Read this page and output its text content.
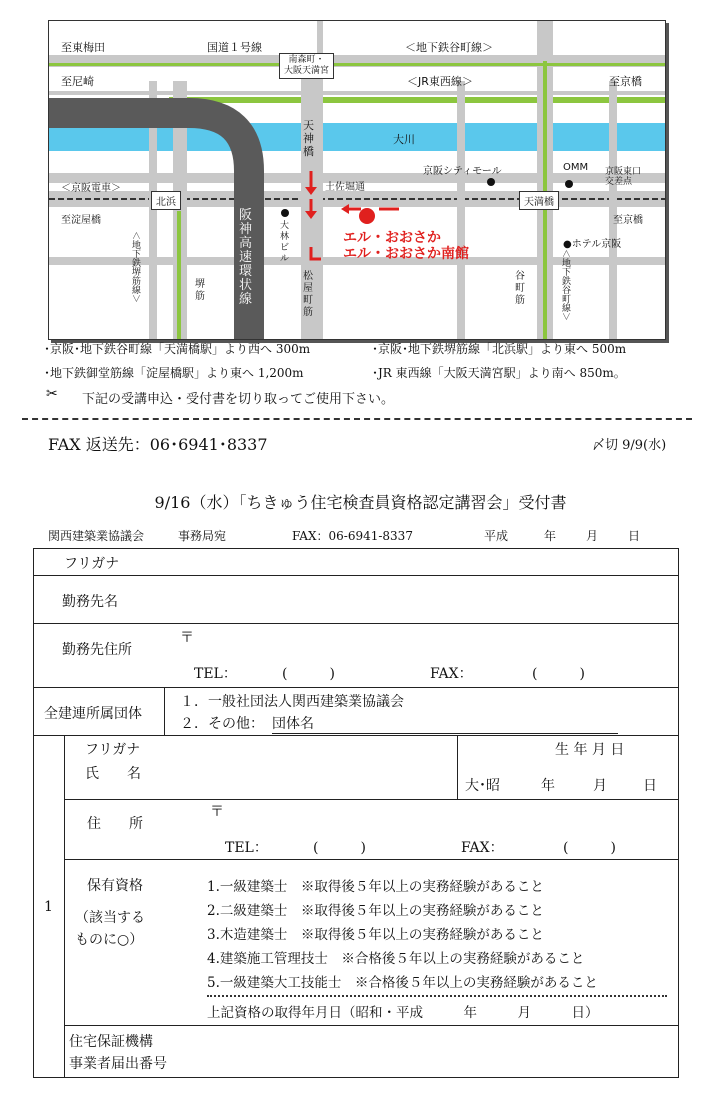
至東梅田	国道１号線
南森町・
大阪天満宮
＜地下鉄谷町線＞
至尼崎	＜JR東西線＞	至京橋
天
神
橋
大川
土佐堀通
京阪シティモール	OMM 京阪東口
交差点
＜京阪電車＞
北浜	天満橋
至淀屋橋	至京橋
阪
神
高
速
環
状
線
大
林
ビ
ル
エル・おおさか
エル・おおさか南館
●ホテル京阪
＜地下鉄堺筋線＞	堺
筋
松
屋
町
筋
谷
町
筋	＜地下鉄谷町線＞
･京阪･地下鉄谷町線「天満橋駅」より西へ 300m	･京阪･地下鉄堺筋線「北浜駅」より東へ 500m
･地下鉄御堂筋線「淀屋橋駅」より東へ 1,200m	･JR 東西線「大阪天満宮駅」より南へ 850m。
✂ 下記の受講申込・受付書を切り取ってご使用下さい。
FAX 返送先：06･6941･8337	〆切 9/9(水)
9/16（水）「ちきゅう住宅検査員資格認定講習会」受付書
関西建築業協議会	事務局宛	FAX：06-6941-8337	平成	年 月 日
フリガナ
勤務先名
勤務先住所
〒
TEL：	(　　　)	FAX：	(　　　)
全建連所属団体
１．一般社団法人関西建築業協議会
２．その他： 団体名
1
フリガナ
氏　　名
生 年 月 日
大･昭	年	月	日
住　　所
〒
TEL：	(　　　)	FAX：	(　　　)
保有資格
（該当する
ものに○）
1.一級建築士　※取得後５年以上の実務経験があること
2.二級建築士　※取得後５年以上の実務経験があること
3.木造建築士　※取得後５年以上の実務経験があること
4.建築施工管理技士　※合格後５年以上の実務経験があること
5.一級建築大工技能士　※合格後５年以上の実務経験があること
上記資格の取得年月日（昭和・平成　　　年　　　月　　　日）
住宅保証機構
事業者届出番号
